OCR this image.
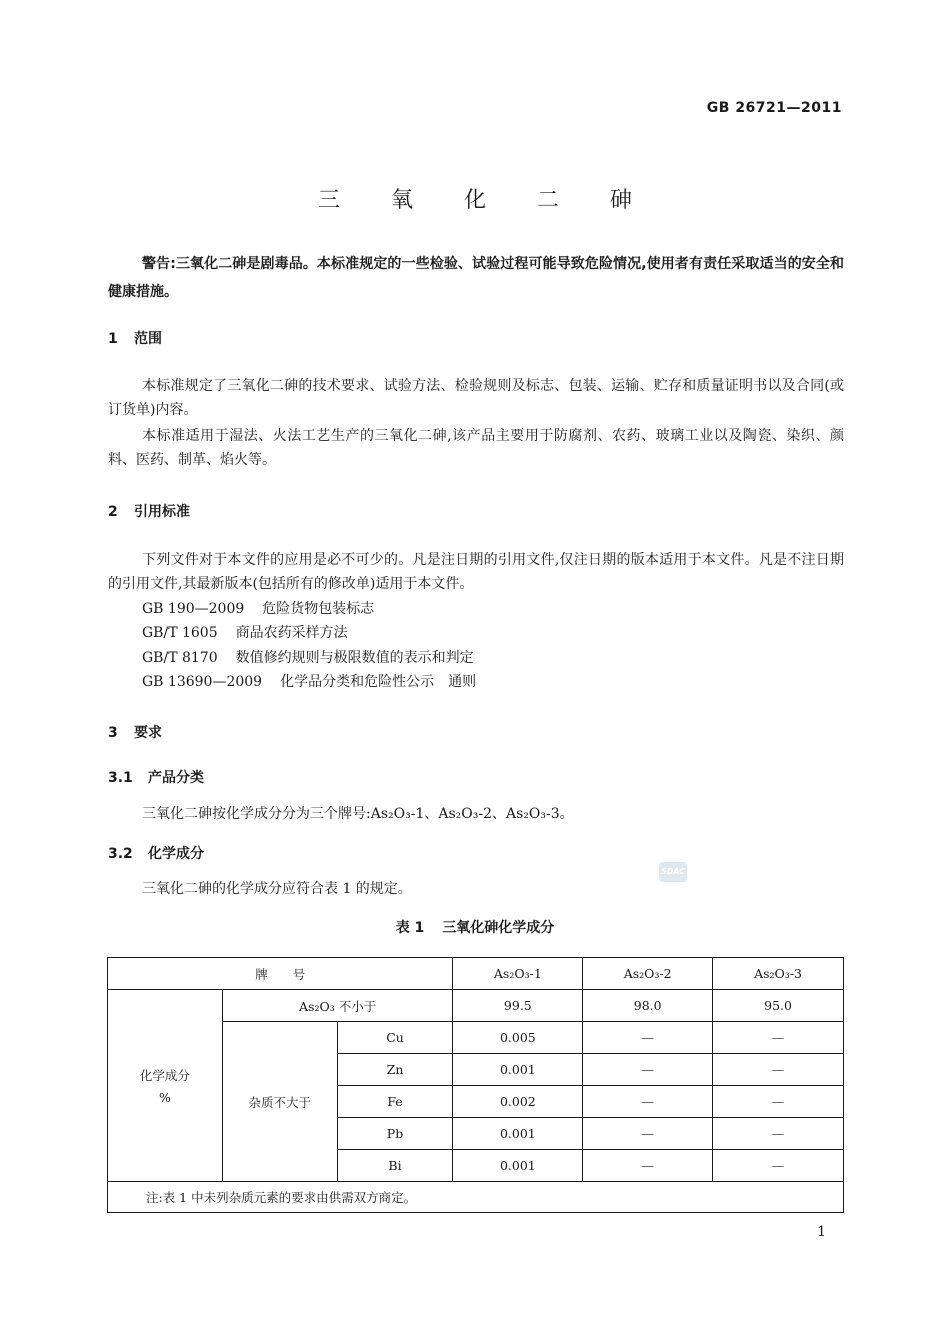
GB 26721—2011
三 氧 化 二 砷
警告:三氧化二砷是剧毒品。本标准规定的一些检验、试验过程可能导致危险情况,使用者有责任采取适当的安全和健康措施。
1 范围
本标准规定了三氧化二砷的技术要求、试验方法、检验规则及标志、包装、运输、贮存和质量证明书以及合同(或订货单)内容。
本标准适用于湿法、火法工艺生产的三氧化二砷,该产品主要用于防腐剂、农药、玻璃工业以及陶瓷、染织、颜料、医药、制革、焰火等。
2 引用标准
下列文件对于本文件的应用是必不可少的。凡是注日期的引用文件,仅注日期的版本适用于本文件。凡是不注日期的引用文件,其最新版本(包括所有的修改单)适用于本文件。
GB 190—2009 危险货物包装标志
GB/T 1605 商品农药采样方法
GB/T 8170 数值修约规则与极限数值的表示和判定
GB 13690—2009 化学品分类和危险性公示　通则
3 要求
3.1 产品分类
三氧化二砷按化学成分分为三个牌号:As₂O₃-1、As₂O₃-2、As₂O₃-3。
3.2 化学成分
三氧化二砷的化学成分应符合表 1 的规定。
SDAC
表 1 三氧化砷化学成分
牌　　号			As₂O₃-1	As₂O₃-2	As₂O₃-3

化学成分
%	As₂O₃ 不小于		99.5	98.0	95.0
	杂质不大于	Cu	0.005	—	—
		Zn	0.001	—	—
		Fe	0.002	—	—
		Pb	0.001	—	—
		Bi	0.001	—	—
注:表 1 中未列杂质元素的要求由供需双方商定。					
1
